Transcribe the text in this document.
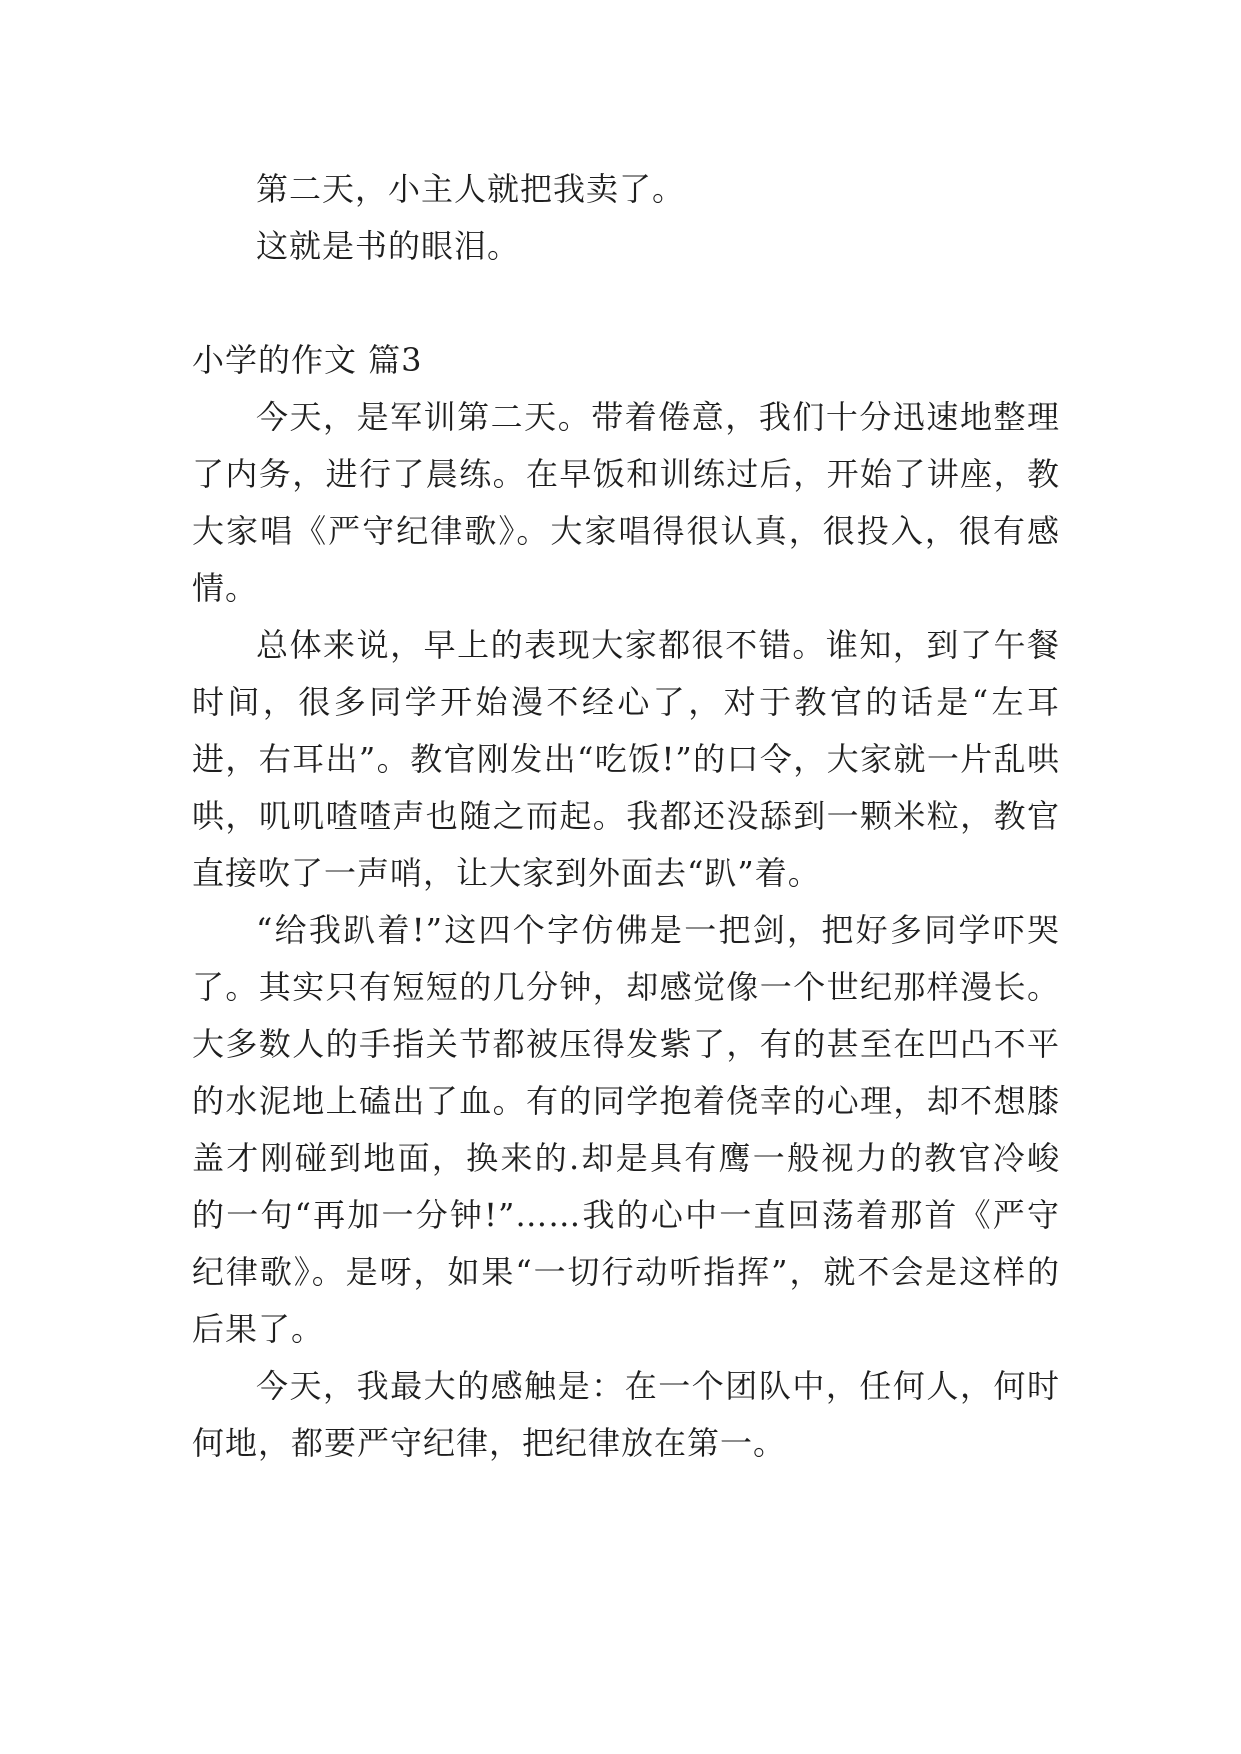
第二天，小主人就把我卖了。

这就是书的眼泪。

小学的作文 篇3

今天，是军训第二天。带着倦意，我们十分迅速地整理了内务，进行了晨练。在早饭和训练过后，开始了讲座，教大家唱《严守纪律歌》。大家唱得很认真，很投入，很有感情。

总体来说，早上的表现大家都很不错。谁知，到了午餐时间，很多同学开始漫不经心了，对于教官的话是“左耳进，右耳出”。教官刚发出“吃饭!”的口令，大家就一片乱哄哄，叽叽喳喳声也随之而起。我都还没舔到一颗米粒，教官直接吹了一声哨，让大家到外面去“趴”着。

“给我趴着!”这四个字仿佛是一把剑，把好多同学吓哭了。其实只有短短的几分钟，却感觉像一个世纪那样漫长。大多数人的手指关节都被压得发紫了，有的甚至在凹凸不平的水泥地上磕出了血。有的同学抱着侥幸的心理，却不想膝盖才刚碰到地面，换来的.却是具有鹰一般视力的教官冷峻的一句“再加一分钟!”……我的心中一直回荡着那首《严守纪律歌》。是呀，如果“一切行动听指挥”，就不会是这样的后果了。

今天，我最大的感触是：在一个团队中，任何人，何时何地，都要严守纪律，把纪律放在第一。
